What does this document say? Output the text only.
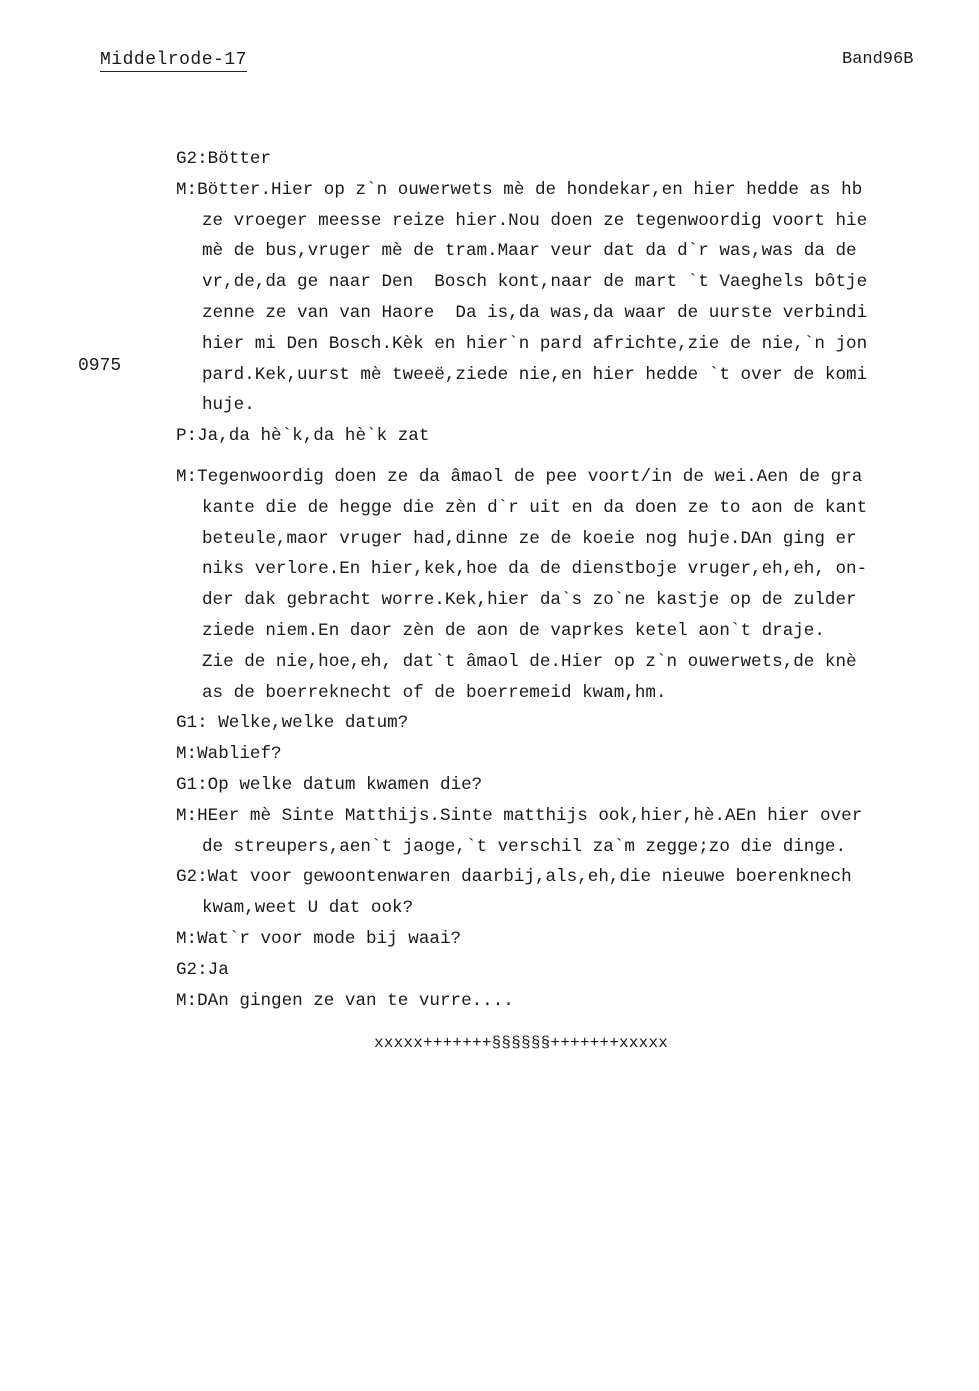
Middelrode-17	Band96B
0975
G2:Bötter
M:Bötter.Hier op z`n ouwerwets mè de hondekar,en hier hedde as hb
ze vroeger meesse reize hier.Nou doen ze tegenwoordig voort hie
mè de bus,vruger mè de tram.Maar veur dat da d`r was,was da de
vr,de,da ge naar Den  Bosch kont,naar de mart `t Vaeghels bôtje
zenne ze van van Haore  Da is,da was,da waar de uurste verbindi
hier mi Den Bosch.Kèk en hier`n pard africhte,zie de nie,`n jon
pard.Kek,uurst mè tweeë,ziede nie,en hier hedde `t over de komi
huje.
P:Ja,da hè`k,da hè`k zat
M:Tegenwoordig doen ze da âmaol de pee voort/in de wei.Aen de gra
kante die de hegge die zèn d`r uit en da doen ze to aon de kant
beteule,maor vruger had,dinne ze de koeie nog huje.DAn ging er
niks verlore.En hier,kek,hoe da de dienstboje vruger,eh,eh, on-
der dak gebracht worre.Kek,hier da`s zo`ne kastje op de zulder
ziede niem.En daor zèn de aon de vaprkes ketel aon`t draje.
Zie de nie,hoe,eh, dat`t âmaol de.Hier op z`n ouwerwets,de knè
as de boerreknecht of de boerremeid kwam,hm.
G1: Welke,welke datum?
M:Wablief?
G1:Op welke datum kwamen die?
M:HEer mè Sinte Matthijs.Sinte matthijs ook,hier,hè.AEn hier over
de streupers,aen`t jaoge,`t verschil za`m zegge;zo die dinge.
G2:Wat voor gewoontenwaren daarbij,als,eh,die nieuwe boerenknech
kwam,weet U dat ook?
M:Wat`r voor mode bij waai?
G2:Ja
M:DAn gingen ze van te vurre....
xxxxx+++++++§§§§§§+++++++xxxxx
